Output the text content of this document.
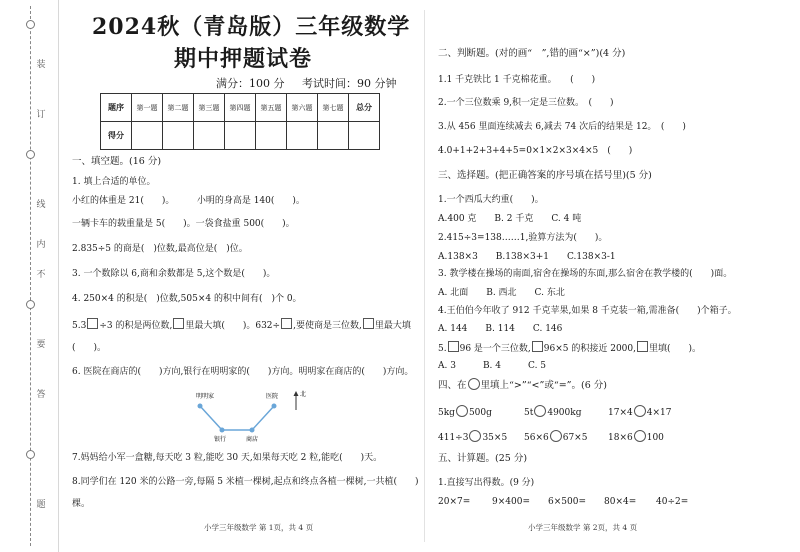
装
订
线
内
不
要
答
题
2024秋（青岛版）三年级数学
期中押题试卷
满分：100 分 考试时间：90 分钟
题序	第一题	第二题	第三题	第四题	第五题	第六题	第七题	总分
得分								
一、填空题。(16 分)
1. 填上合适的单位。
小红的体重是 21(　　)。　　　小明的身高是 140(　　)。
一辆卡车的载重量是 5(　　)。一袋食盐重 500(　　)。
2.835÷5 的商是(　)位数,最高位是(　)位。
3. 一个数除以 6,商和余数都是 5,这个数是(　　)。
4. 250×4 的积是(　)位数,505×4 的积中间有(　)个 0。
5.3 ÷3 的积是两位数, 里最大填(　　)。632÷ ,要使商是三位数, 里最大填
(　　)。
6. 医院在商店的(　　)方向,银行在明明家的(　　)方向。明明家在商店的(　　)方向。
明明家
银行	商店
医院	北
7.妈妈给小军一盒糖,每天吃 3 粒,能吃 30 天,如果每天吃 2 粒,能吃(　　)天。
8.同学们在 120 米的公路一旁,每隔 5 米植一棵树,起点和终点各植一棵树,一共植(　　)
棵。
小学三年级数学 第 1页，共 4 页
二、判断题。(对的画“　”,错的画“×”)(4 分)
1.1 千克铁比 1 千克棉花重。　　(　　)
2.一个三位数乘 9,积一定是三位数。　(　　)
3.从 456 里面连续减去 6,减去 74 次后的结果是 12。　(　　)
4.0+1+2+3+4+5=0×1×2×3×4×5　(　　)
三、选择题。(把正确答案的序号填在括号里)(5 分)
1.一个西瓜大约重(　　)。
A.400 克　　B. 2 千克　　C. 4 吨
2.415÷3=138……1,验算方法为(　　)。
A.138×3　　B.138×3+1　　C.138×3-1
3. 教学楼在操场的南面,宿舍在操场的东面,那么宿舍在教学楼的(　　)面。
A. 北面　　B. 西北　　C. 东北
4.王伯伯今年收了 912 千克苹果,如果 8 千克装一箱,需准备(　　)个箱子。
A. 144　　B. 114　　C. 146
5. 96 是一个三位数, 96×5 的积接近 2000, 里填(　　)。
A. 3　　　B. 4　　　C. 5
四、在 里填上“>”“<”或“=”。(6 分)
5kg 500g	5t 4900kg	17×4 4×17
411÷3 35×5 56×6 67×5 18×6 100
五、计算题。(25 分)
1.直接写出得数。(9 分)
20×7= 9×400= 6×500= 80×4= 40÷2=
小学三年级数学 第 2页，共 4 页
